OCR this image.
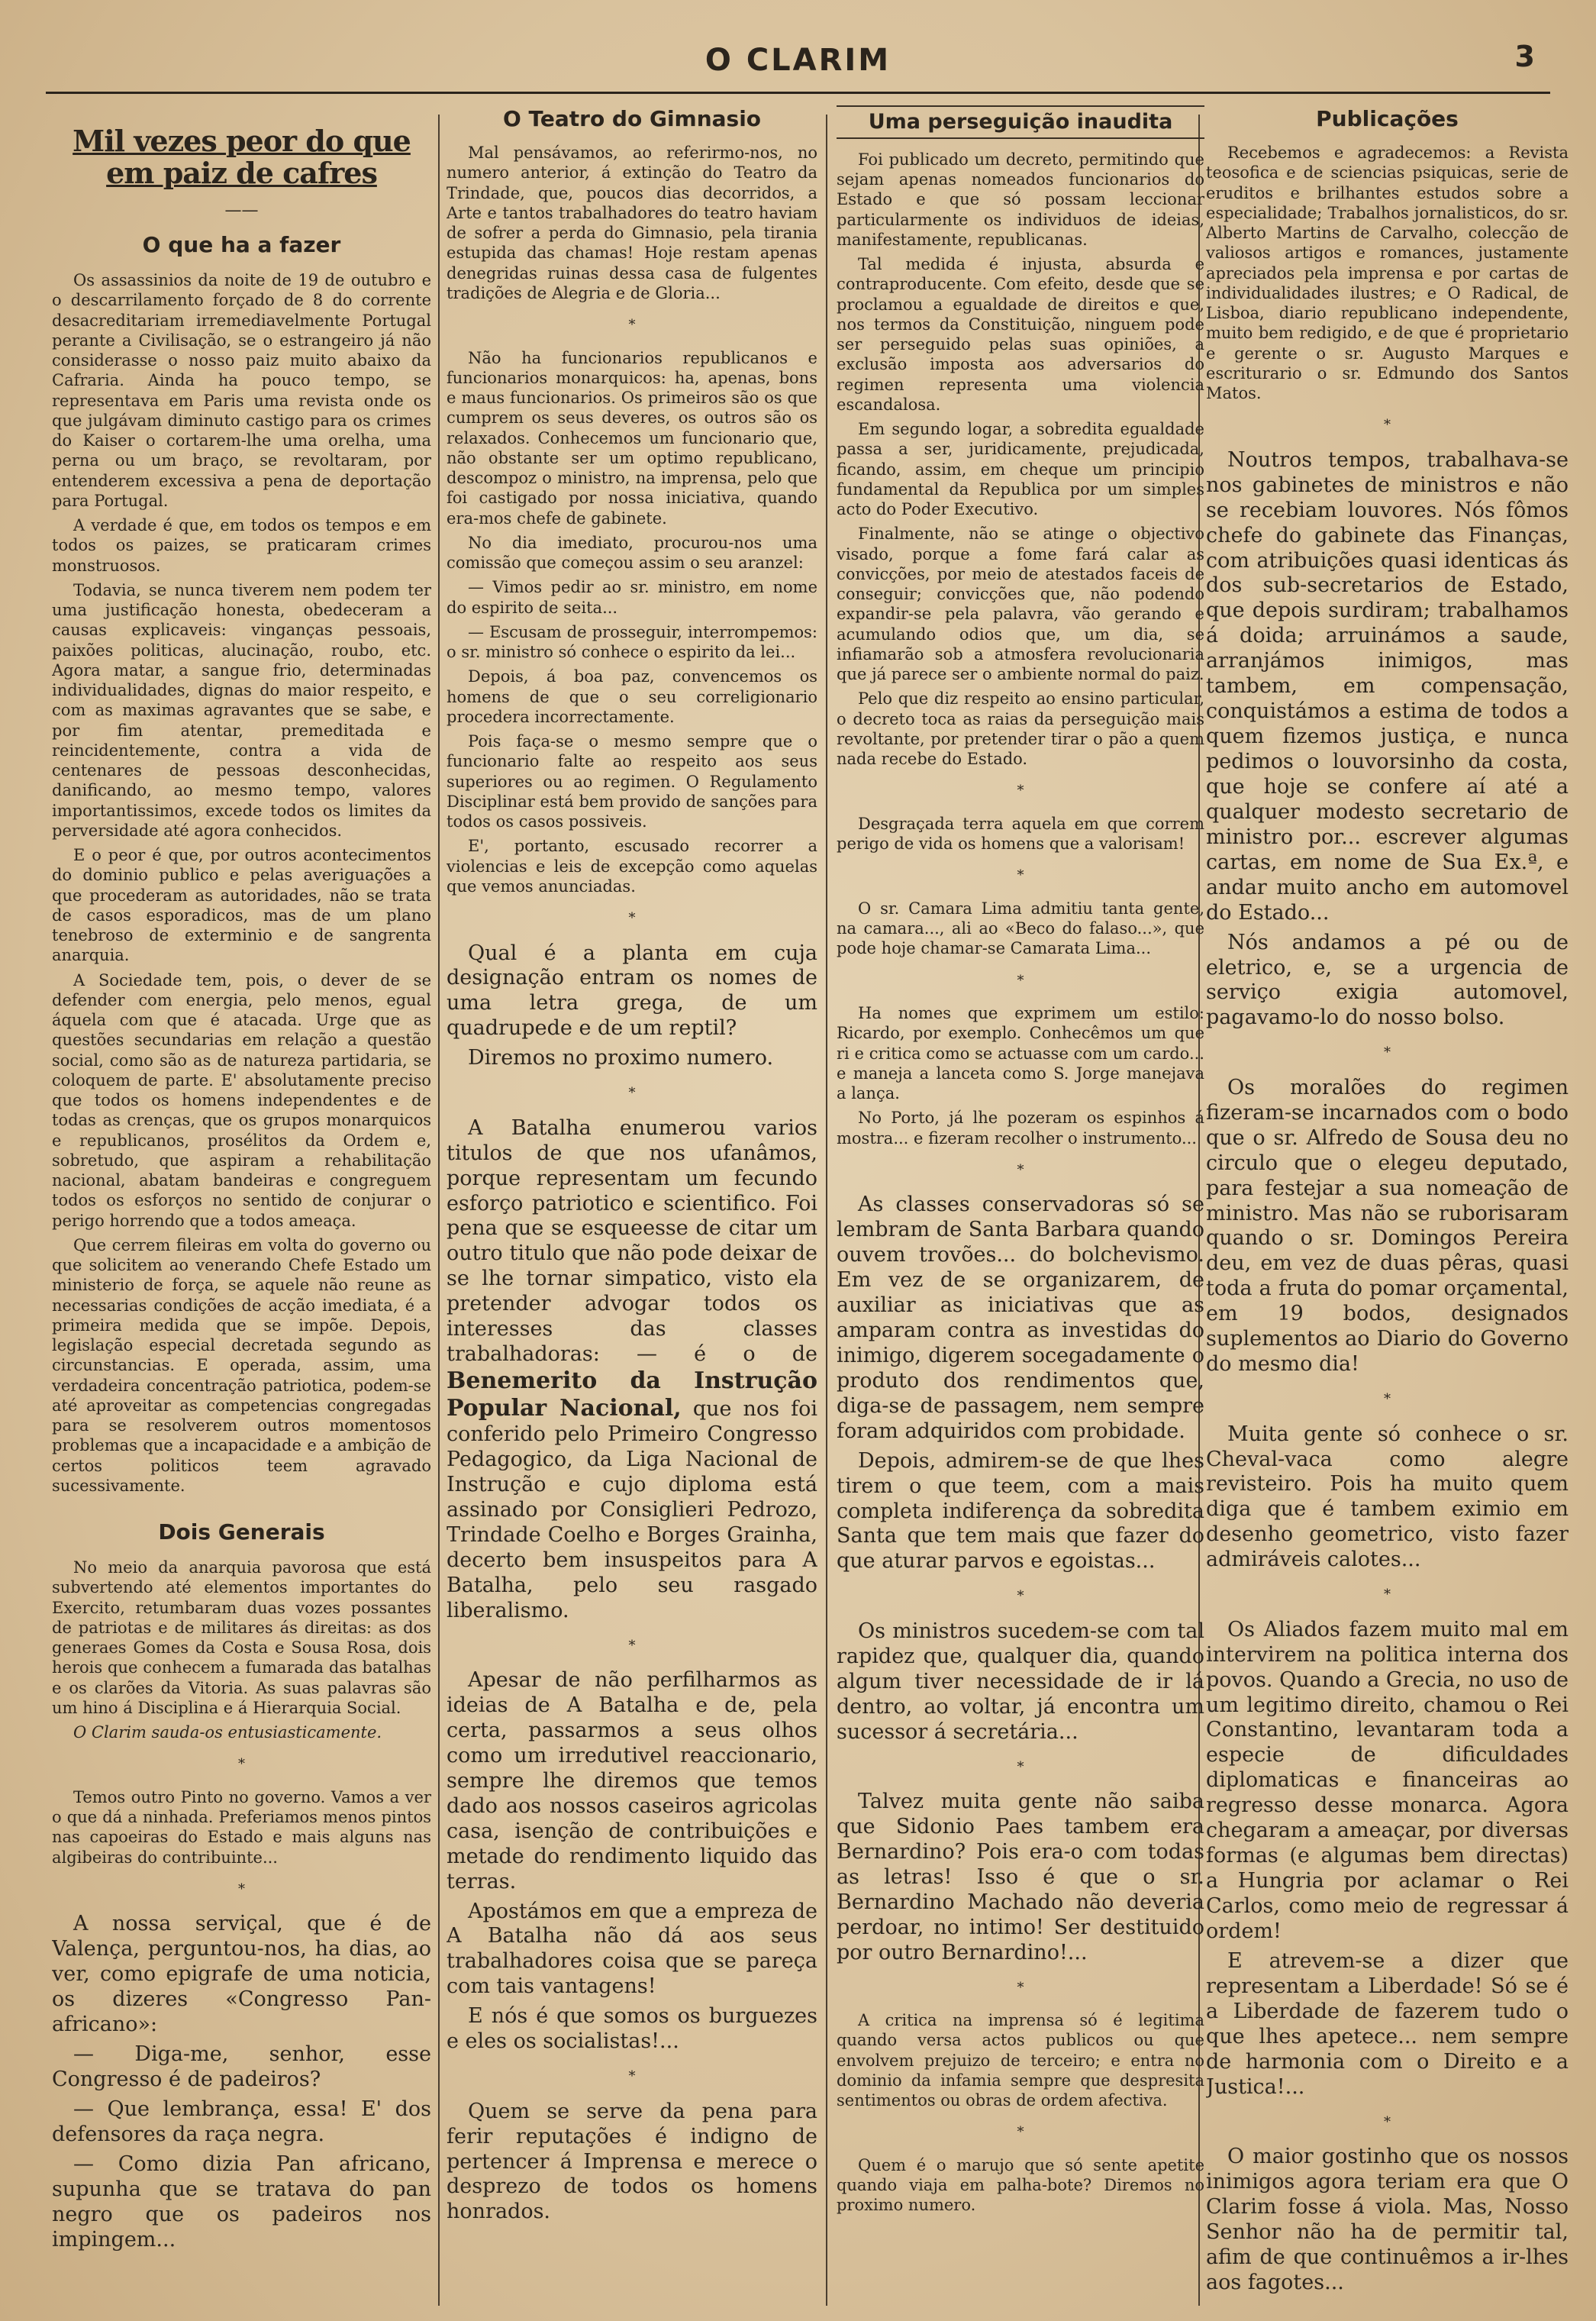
O CLARIM	3
Mil vezes peor do que em paiz de cafres
——
O que ha a fazer

Os assassinios da noite de 19 de outubro e o descarrilamento forçado de 8 do corrente desacreditariam irremediavelmente Portugal perante a Civilisação, se o estrangeiro já não considerasse o nosso paiz muito abaixo da Cafraria. Ainda ha pouco tempo, se representava em Paris uma revista onde os que julgávam diminuto castigo para os crimes do Kaiser o cortarem-lhe uma orelha, uma perna ou um braço, se revoltaram, por entenderem excessiva a pena de deportação para Portugal.

A verdade é que, em todos os tempos e em todos os paizes, se praticaram crimes monstruosos.

Todavia, se nunca tiverem nem podem ter uma justificação honesta, obedeceram a causas explicaveis: vinganças pessoais, paixões politicas, alucinação, roubo, etc. Agora matar, a sangue frio, determinadas individualidades, dignas do maior respeito, e com as maximas agravantes que se sabe, e por fim atentar, premeditada e reincidentemente, contra a vida de centenares de pessoas desconhecidas, danificando, ao mesmo tempo, valores importantissimos, excede todos os limites da perversidade até agora conhecidos.

E o peor é que, por outros acontecimentos do dominio publico e pelas averiguações a que procederam as autoridades, não se trata de casos esporadicos, mas de um plano tenebroso de exterminio e de sangrenta anarquia.

A Sociedade tem, pois, o dever de se defender com energia, pelo menos, egual áquela com que é atacada. Urge que as questões secundarias em relação a questão social, como são as de natureza partidaria, se coloquem de parte. E' absolutamente preciso que todos os homens independentes e de todas as crenças, que os grupos monarquicos e republicanos, prosélitos da Ordem e, sobretudo, que aspiram a rehabilitação nacional, abatam bandeiras e congreguem todos os esforços no sentido de conjurar o perigo horrendo que a todos ameaça.

Que cerrem fileiras em volta do governo ou que solicitem ao venerando Chefe Estado um ministerio de força, se aquele não reune as necessarias condições de acção imediata, é a primeira medida que se impõe. Depois, legislação especial decretada segundo as circunstancias. E operada, assim, uma verdadeira concentração patriotica, podem-se até aproveitar as competencias congregadas para se resolverem outros momentosos problemas que a incapacidade e a ambição de certos politicos teem agravado sucessivamente.

Dois Generais

No meio da anarquia pavorosa que está subvertendo até elementos importantes do Exercito, retumbaram duas vozes possantes de patriotas e de militares ás direitas: as dos generaes Gomes da Costa e Sousa Rosa, dois herois que conhecem a fumarada das batalhas e os clarões da Vitoria. As suas palavras são um hino á Disciplina e á Hierarquia Social.

O Clarim sauda-os entusiasticamente.

*

Temos outro Pinto no governo. Vamos a ver o que dá a ninhada. Preferiamos menos pintos nas capoeiras do Estado e mais alguns nas algibeiras do contribuinte...

*

A nossa serviçal, que é de Valença, perguntou-nos, ha dias, ao ver, como epigrafe de uma noticia, os dizeres «Congresso Pan-africano»:

— Diga-me, senhor, esse Congresso é de padeiros?

— Que lembrança, essa! E' dos defensores da raça negra.

— Como dizia Pan africano, supunha que se tratava do pan negro que os padeiros nos impingem...

O Teatro do Gimnasio

Mal pensávamos, ao referirmo-nos, no numero anterior, á extinção do Teatro da Trindade, que, poucos dias decorridos, a Arte e tantos trabalhadores do teatro haviam de sofrer a perda do Gimnasio, pela tirania estupida das chamas! Hoje restam apenas denegridas ruinas dessa casa de fulgentes tradições de Alegria e de Gloria...

*

Não ha funcionarios republicanos e funcionarios monarquicos: ha, apenas, bons e maus funcionarios. Os primeiros são os que cumprem os seus deveres, os outros são os relaxados. Conhecemos um funcionario que, não obstante ser um optimo republicano, descompoz o ministro, na imprensa, pelo que foi castigado por nossa iniciativa, quando era-mos chefe de gabinete.

No dia imediato, procurou-nos uma comissão que começou assim o seu aranzel:

— Vimos pedir ao sr. ministro, em nome do espirito de seita...

— Escusam de prosseguir, interrompemos: o sr. ministro só conhece o espirito da lei...

Depois, á boa paz, convencemos os homens de que o seu correligionario procedera incorrectamente.

Pois faça-se o mesmo sempre que o funcionario falte ao respeito aos seus superiores ou ao regimen. O Regulamento Disciplinar está bem provido de sanções para todos os casos possiveis.

E', portanto, escusado recorrer a violencias e leis de excepção como aquelas que vemos anunciadas.

*

Qual é a planta em cuja designação entram os nomes de uma letra grega, de um quadrupede e de um reptil?

Diremos no proximo numero.

*

A Batalha enumerou varios titulos de que nos ufanâmos, porque representam um fecundo esforço patriotico e scientifico. Foi pena que se esqueesse de citar um outro titulo que não pode deixar de se lhe tornar simpatico, visto ela pretender advogar todos os interesses das classes trabalhadoras: — é o de Benemerito da Instrução Popular Nacional, que nos foi conferido pelo Primeiro Congresso Pedagogico, da Liga Nacional de Instrução e cujo diploma está assinado por Consiglieri Pedrozo, Trindade Coelho e Borges Grainha, decerto bem insuspeitos para A Batalha, pelo seu rasgado liberalismo.

*

Apesar de não perfilharmos as ideias de A Batalha e de, pela certa, passarmos a seus olhos como um irredutivel reaccionario, sempre lhe diremos que temos dado aos nossos caseiros agricolas casa, isenção de contribuições e metade do rendimento liquido das terras.

Apostámos em que a empreza de A Batalha não dá aos seus trabalhadores coisa que se pareça com tais vantagens!

E nós é que somos os burguezes e eles os socialistas!...

*

Quem se serve da pena para ferir reputações é indigno de pertencer á Imprensa e merece o desprezo de todos os homens honrados.

Uma perseguição inaudita

Foi publicado um decreto, permitindo que sejam apenas nomeados funcionarios do Estado e que só possam leccionar particularmente os individuos de ideias, manifestamente, republicanas.

Tal medida é injusta, absurda e contraproducente. Com efeito, desde que se proclamou a egualdade de direitos e que, nos termos da Constituição, ninguem pode ser perseguido pelas suas opiniões, a exclusão imposta aos adversarios do regimen representa uma violencia escandalosa.

Em segundo logar, a sobredita egualdade passa a ser, juridicamente, prejudicada, ficando, assim, em cheque um principio fundamental da Republica por um simples acto do Poder Executivo.

Finalmente, não se atinge o objectivo visado, porque a fome fará calar as convicções, por meio de atestados faceis de conseguir; convicções que, não podendo expandir-se pela palavra, vão gerando e acumulando odios que, um dia, se infiamarão sob a atmosfera revolucionaria que já parece ser o ambiente normal do paiz.

Pelo que diz respeito ao ensino particular, o decreto toca as raias da perseguição mais revoltante, por pretender tirar o pão a quem nada recebe do Estado.

*

Desgraçada terra aquela em que correm perigo de vida os homens que a valorisam!

*

O sr. Camara Lima admitiu tanta gente, na camara..., ali ao «Beco do falaso...», que pode hoje chamar-se Camarata Lima...

*

Ha nomes que exprimem um estilo: Ricardo, por exemplo. Conhecêmos um que ri e critica como se actuasse com um cardo... e maneja a lanceta como S. Jorge manejava a lança.

No Porto, já lhe pozeram os espinhos á mostra... e fizeram recolher o instrumento...

*

As classes conservadoras só se lembram de Santa Barbara quando ouvem trovões... do bolchevismo. Em vez de se organizarem, de auxiliar as iniciativas que as amparam contra as investidas do inimigo, digerem socegadamente o produto dos rendimentos que, diga-se de passagem, nem sempre foram adquiridos com probidade.

Depois, admirem-se de que lhes tirem o que teem, com a mais completa indiferença da sobredita Santa que tem mais que fazer do que aturar parvos e egoistas...

*

Os ministros sucedem-se com tal rapidez que, qualquer dia, quando algum tiver necessidade de ir lá dentro, ao voltar, já encontra um sucessor á secretária...

*

Talvez muita gente não saiba que Sidonio Paes tambem era Bernardino? Pois era-o com todas as letras! Isso é que o sr. Bernardino Machado não deveria perdoar, no intimo! Ser destituido por outro Bernardino!...

*

A critica na imprensa só é legitima quando versa actos publicos ou que envolvem prejuizo de terceiro; e entra no dominio da infamia sempre que despresita sentimentos ou obras de ordem afectiva.

*

Quem é o marujo que só sente apetite quando viaja em palha-bote? Diremos no proximo numero.

Publicações

Recebemos e agradecemos: a Revista teosofica e de sciencias psiquicas, serie de eruditos e brilhantes estudos sobre a especialidade; Trabalhos jornalisticos, do sr. Alberto Martins de Carvalho, colecção de valiosos artigos e romances, justamente apreciados pela imprensa e por cartas de individualidades ilustres; e O Radical, de Lisboa, diario republicano independente, muito bem redigido, e de que é proprietario e gerente o sr. Augusto Marques e escriturario o sr. Edmundo dos Santos Matos.

*

Noutros tempos, trabalhava-se nos gabinetes de ministros e não se recebiam louvores. Nós fômos chefe do gabinete das Finanças, com atribuições quasi identicas ás dos sub-secretarios de Estado, que depois surdiram; trabalhamos á doida; arruinámos a saude, arranjámos inimigos, mas tambem, em compensação, conquistámos a estima de todos a quem fizemos justiça, e nunca pedimos o louvorsinho da costa, que hoje se confere aí até a qualquer modesto secretario de ministro por... escrever algumas cartas, em nome de Sua Ex.ª, e andar muito ancho em automovel do Estado...

Nós andamos a pé ou de eletrico, e, se a urgencia de serviço exigia automovel, pagavamo-lo do nosso bolso.

*

Os moralões do regimen fizeram-se incarnados com o bodo que o sr. Alfredo de Sousa deu no circulo que o elegeu deputado, para festejar a sua nomeação de ministro. Mas não se ruborisaram quando o sr. Domingos Pereira deu, em vez de duas pêras, quasi toda a fruta do pomar orçamental, em 19 bodos, designados suplementos ao Diario do Governo do mesmo dia!

*

Muita gente só conhece o sr. Cheval-vaca como alegre revisteiro. Pois ha muito quem diga que é tambem eximio em desenho geometrico, visto fazer admiráveis calotes...

*

Os Aliados fazem muito mal em intervirem na politica interna dos povos. Quando a Grecia, no uso de um legitimo direito, chamou o Rei Constantino, levantaram toda a especie de dificuldades diplomaticas e financeiras ao regresso desse monarca. Agora chegaram a ameaçar, por diversas formas (e algumas bem directas) a Hungria por aclamar o Rei Carlos, como meio de regressar á ordem!

E atrevem-se a dizer que representam a Liberdade! Só se é a Liberdade de fazerem tudo o que lhes apetece... nem sempre de harmonia com o Direito e a Justica!...

*

O maior gostinho que os nossos inimigos agora teriam era que O Clarim fosse á viola. Mas, Nosso Senhor não ha de permitir tal, afim de que continuêmos a ir-lhes aos fagotes...
